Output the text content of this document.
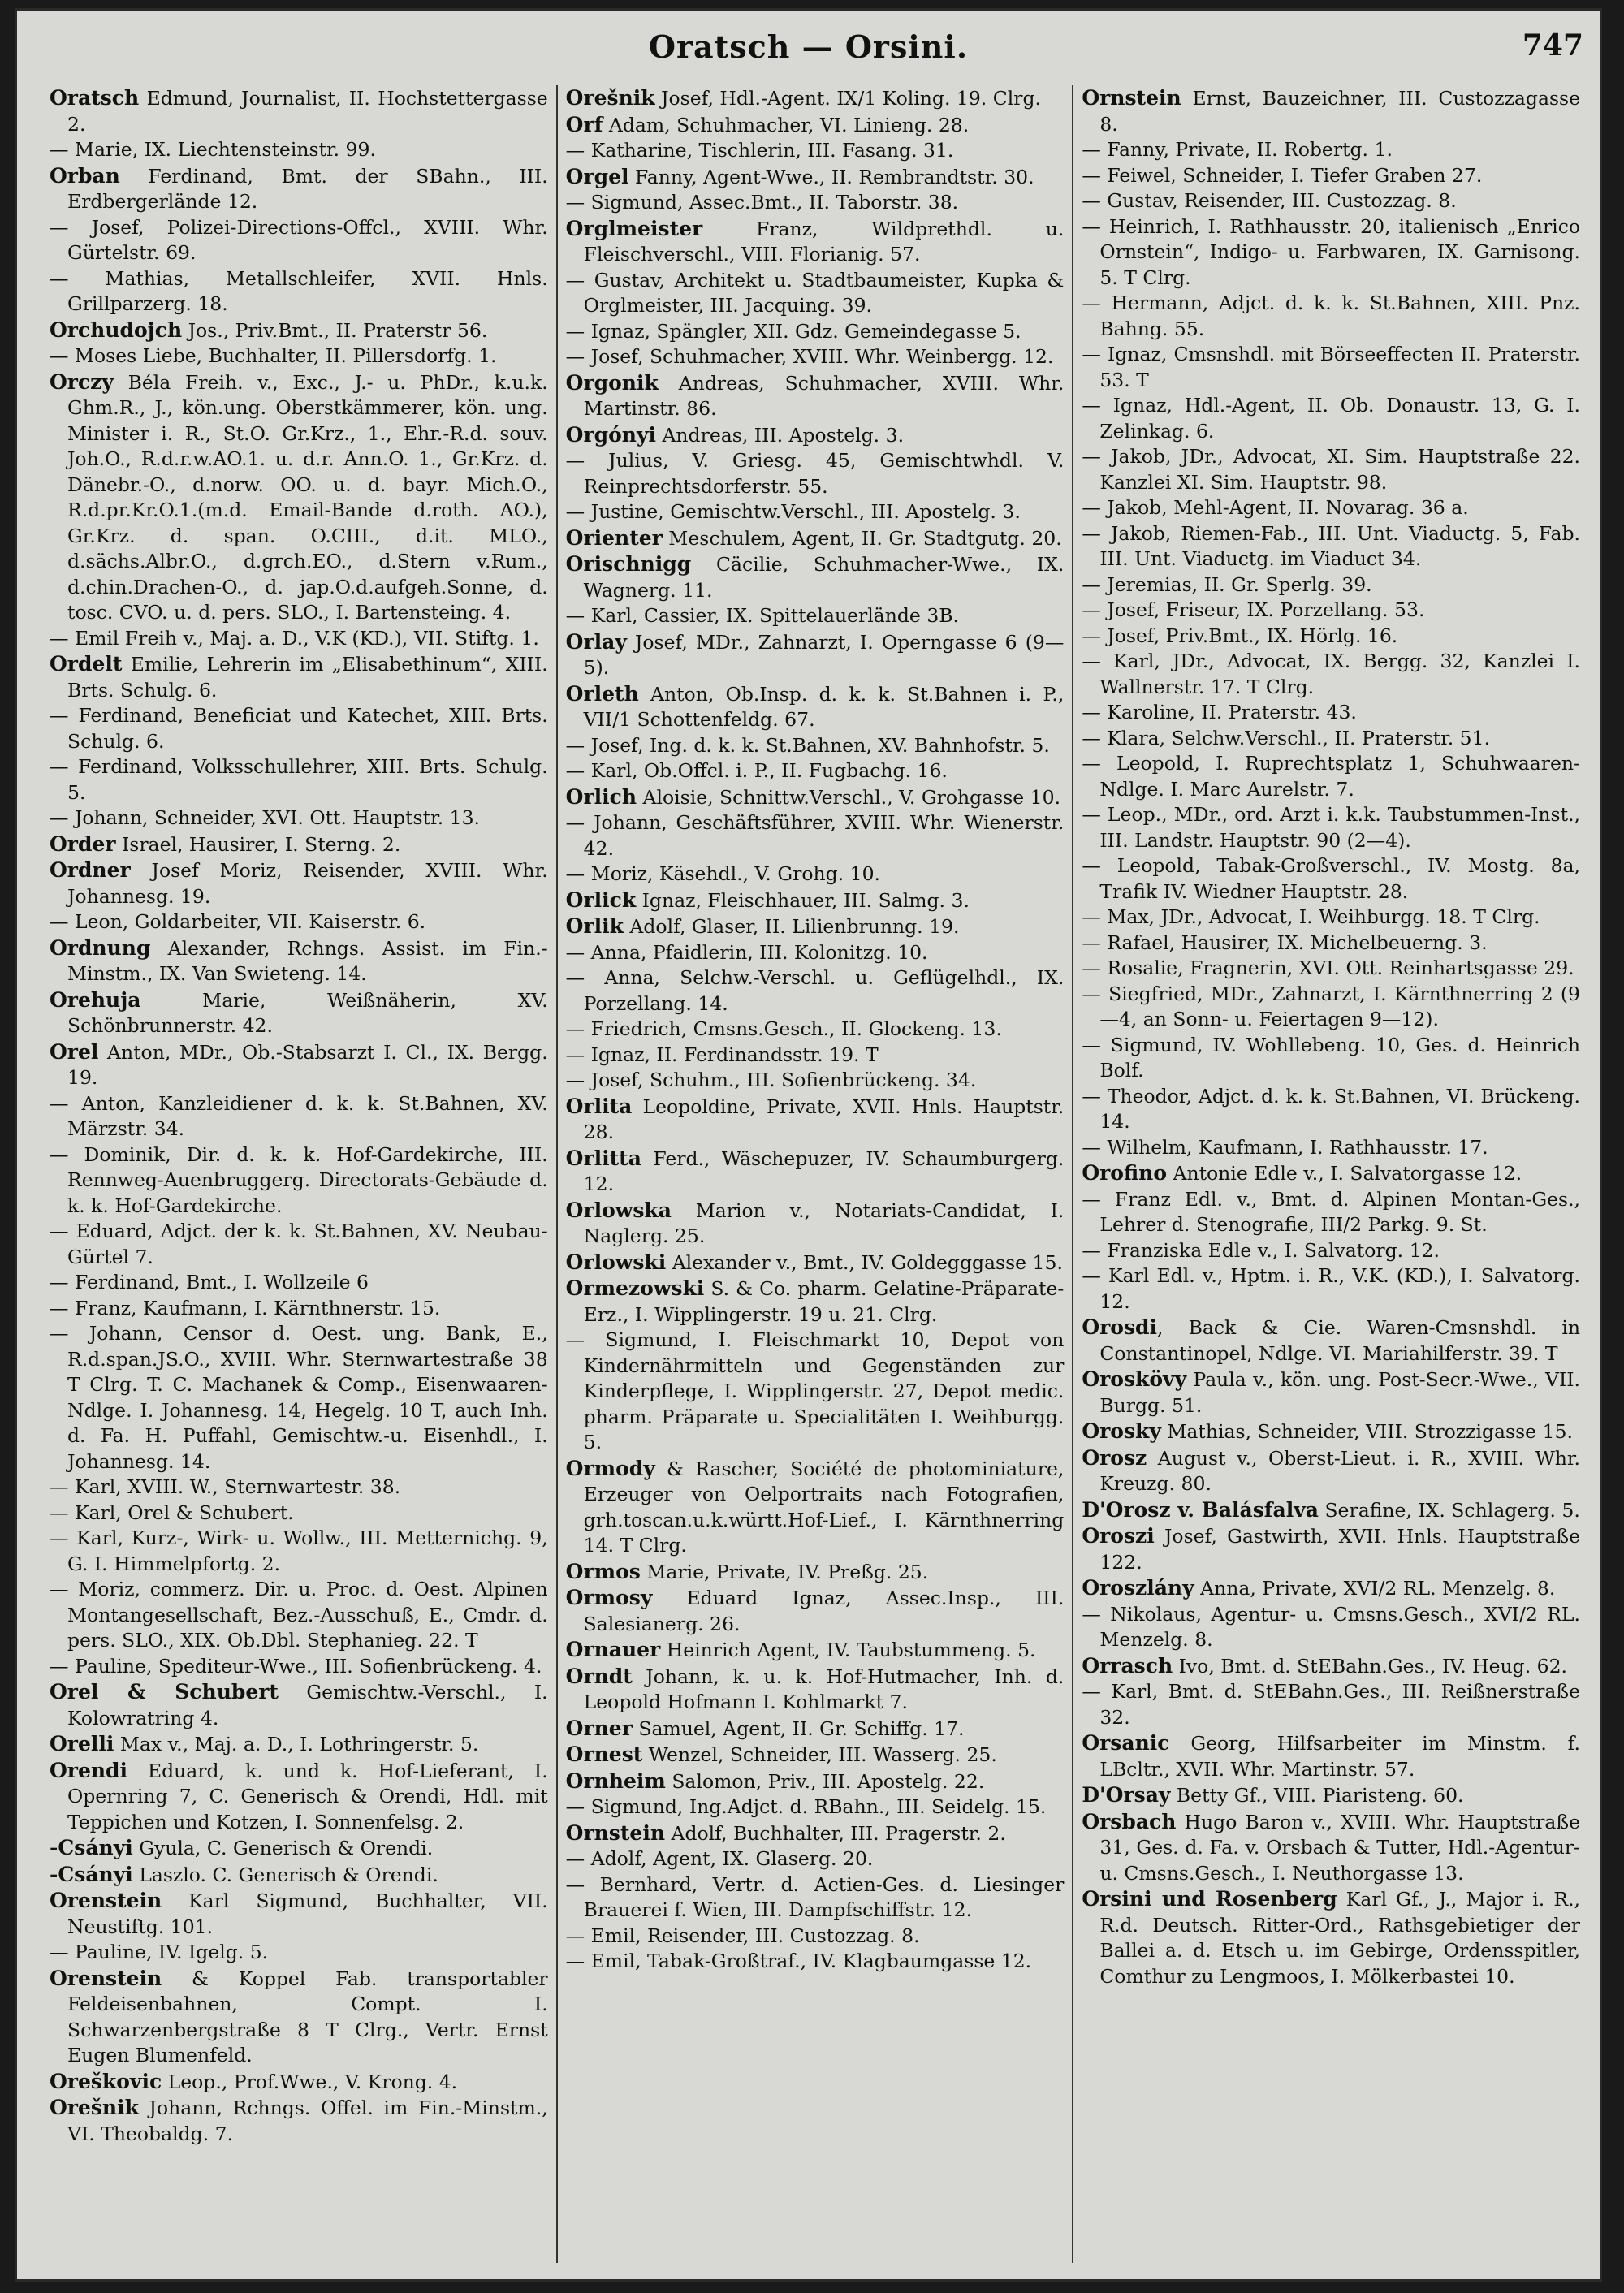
Oratsch — Orsini.	747

Oratsch Edmund, Journalist, II. Hochstettergasse 2.

— Marie, IX. Liechtensteinstr. 99.

Orban Ferdinand, Bmt. der SBahn., III. Erdbergerlände 12.

— Josef, Polizei-Directions-Offcl., XVIII. Whr. Gürtelstr. 69.

— Mathias, Metallschleifer, XVII. Hnls. Grillparzerg. 18.

Orchudojch Jos., Priv.Bmt., II. Praterstr 56.

— Moses Liebe, Buchhalter, II. Pillersdorfg. 1.

Orczy Béla Freih. v., Exc., J.- u. PhDr., k.u.k. Ghm.R., J., kön.ung. Oberstkämmerer, kön. ung. Minister i. R., St.O. Gr.Krz., 1., Ehr.-R.d. souv. Joh.O., R.d.r.w.AO.1. u. d.r. Ann.O. 1., Gr.Krz. d. Dänebr.-O., d.norw. OO. u. d. bayr. Mich.O., R.d.pr.Kr.O.1.(m.d. Email-Bande d.roth. AO.), Gr.Krz. d. span. O.CIII., d.it. MLO., d.sächs.Albr.O., d.grch.EO., d.Stern v.Rum., d.chin.Drachen-O., d. jap.O.d.aufgeh.Sonne, d. tosc. CVO. u. d. pers. SLO., I. Bartensteing. 4.

— Emil Freih v., Maj. a. D., V.K (KD.), VII. Stiftg. 1.

Ordelt Emilie, Lehrerin im „Elisabethinum“, XIII. Brts. Schulg. 6.

— Ferdinand, Beneficiat und Katechet, XIII. Brts. Schulg. 6.

— Ferdinand, Volksschullehrer, XIII. Brts. Schulg. 5.

— Johann, Schneider, XVI. Ott. Hauptstr. 13.

Order Israel, Hausirer, I. Sterng. 2.

Ordner Josef Moriz, Reisender, XVIII. Whr. Johannesg. 19.

— Leon, Goldarbeiter, VII. Kaiserstr. 6.

Ordnung Alexander, Rchngs. Assist. im Fin.-Minstm., IX. Van Swietenɡ. 14.

Orehuja Marie, Weißnäherin, XV. Schönbrunnerstr. 42.

Orel Anton, MDr., Ob.-Stabsarzt I. Cl., IX. Bergg. 19.

— Anton, Kanzleidiener d. k. k. St.Bahnen, XV. Märzstr. 34.

— Dominik, Dir. d. k. k. Hof-Gardekirche, III. Rennweg-Auenbruggerg. Directorats-Gebäude d. k. k. Hof-Gardekirche.

— Eduard, Adjct. der k. k. St.Bahnen, XV. Neubau-Gürtel 7.

— Ferdinand, Bmt., I. Wollzeile 6

— Franz, Kaufmann, I. Kärnthnerstr. 15.

— Johann, Censor d. Oest. ung. Bank, E., R.d.span.JS.O., XVIII. Whr. Sternwartestraße 38 T Clrg. T. C. Machanek & Comp., Eisenwaaren-Ndlge. I. Johannesg. 14, Hegelg. 10 T, auch Inh. d. Fa. H. Puffahl, Gemischtw.-u. Eisenhdl., I. Johannesg. 14.

— Karl, XVIII. W., Sternwartestr. 38.

— Karl, Orel & Schubert.

— Karl, Kurz-, Wirk- u. Wollw., III. Metternichg. 9, G. I. Himmelpfortg. 2.

— Moriz, commerz. Dir. u. Proc. d. Oest. Alpinen Montangesellschaft, Bez.-Ausschuß, E., Cmdr. d. pers. SLO., XIX. Ob.Dbl. Stephanieg. 22. T

— Pauline, Spediteur-Wwe., III. Sofienbrückeng. 4.

Orel & Schubert Gemischtw.-Verschl., I. Kolowratring 4.

Orelli Max v., Maj. a. D., I. Lothringerstr. 5.

Orendi Eduard, k. und k. Hof-Lieferant, I. Opernring 7, C. Generisch & Orendi, Hdl. mit Teppichen und Kotzen, I. Sonnenfelsg. 2.

-Csányi Gyula, C. Generisch & Orendi.

-Csányi Laszlo. C. Generisch & Orendi.

Orenstein Karl Sigmund, Buchhalter, VII. Neustiftg. 101.

— Pauline, IV. Igelg. 5.

Orenstein & Koppel Fab. transportabler Feldeisenbahnen, Compt. I. Schwarzenbergstraße 8 T Clrg., Vertr. Ernst Eugen Blumenfeld.

Oreškovic Leop., Prof.Wwe., V. Krong. 4.

Orešnik Johann, Rchngs. Offel. im Fin.-Minstm., VI. Theobaldg. 7.

Orešnik Josef, Hdl.-Agent. IX/1 Koling. 19. Clrg.

Orf Adam, Schuhmacher, VI. Linieng. 28.

— Katharine, Tischlerin, III. Fasang. 31.

Orgel Fanny, Agent-Wwe., II. Rembrandtstr. 30.

— Sigmund, Assec.Bmt., II. Taborstr. 38.

Orglmeister Franz, Wildprethdl. u. Fleischverschl., VIII. Florianig. 57.

— Gustav, Architekt u. Stadtbaumeister, Kupka & Orglmeister, III. Jacquing. 39.

— Ignaz, Spängler, XII. Gdz. Gemeindegasse 5.

— Josef, Schuhmacher, XVIII. Whr. Weinbergg. 12.

Orgonik Andreas, Schuhmacher, XVIII. Whr. Martinstr. 86.

Orgónyi Andreas, III. Apostelg. 3.

— Julius, V. Griesg. 45, Gemischtwhdl. V. Reinprechtsdorferstr. 55.

— Justine, Gemischtw.Verschl., III. Apostelg. 3.

Orienter Meschulem, Agent, II. Gr. Stadtgutg. 20.

Orischnigg Cäcilie, Schuhmacher-Wwe., IX. Wagnerg. 11.

— Karl, Cassier, IX. Spittelauerlände 3B.

Orlay Josef, MDr., Zahnarzt, I. Operngasse 6 (9—5).

Orleth Anton, Ob.Insp. d. k. k. St.Bahnen i. P., VII/1 Schottenfeldg. 67.

— Josef, Ing. d. k. k. St.Bahnen, XV. Bahnhofstr. 5.

— Karl, Ob.Offcl. i. P., II. Fugbachg. 16.

Orlich Aloisie, Schnittw.Verschl., V. Grohgasse 10.

— Johann, Geschäftsführer, XVIII. Whr. Wienerstr. 42.

— Moriz, Käsehdl., V. Grohg. 10.

Orlick Ignaz, Fleischhauer, III. Salmg. 3.

Orlik Adolf, Glaser, II. Lilienbrunng. 19.

— Anna, Pfaidlerin, III. Kolonitzg. 10.

— Anna, Selchw.-Verschl. u. Geflügelhdl., IX. Porzellang. 14.

— Friedrich, Cmsns.Gesch., II. Glockeng. 13.

— Ignaz, II. Ferdinandsstr. 19. T

— Josef, Schuhm., III. Sofienbrückeng. 34.

Orlita Leopoldine, Private, XVII. Hnls. Hauptstr. 28.

Orlitta Ferd., Wäschepuzer, IV. Schaumburgerg. 12.

Orlowska Marion v., Notariats-Candidat, I. Naglerg. 25.

Orlowski Alexander v., Bmt., IV. Goldegggasse 15.

Ormezowski S. & Co. pharm. Gelatine-Präparate-Erz., I. Wipplingerstr. 19 u. 21. Clrg.

— Sigmund, I. Fleischmarkt 10, Depot von Kindernährmitteln und Gegenständen zur Kinderpflege, I. Wipplingerstr. 27, Depot medic. pharm. Präparate u. Specialitäten I. Weihburgg. 5.

Ormody & Rascher, Société de photominiature, Erzeuger von Oelportraits nach Fotografien, grh.toscan.u.k.württ.Hof-Lief., I. Kärnthnerring 14. T Clrg.

Ormos Marie, Private, IV. Preßg. 25.

Ormosy Eduard Ignaz, Assec.Insp., III. Salesianerg. 26.

Ornauer Heinrich Agent, IV. Taubstummeng. 5.

Orndt Johann, k. u. k. Hof-Hutmacher, Inh. d. Leopold Hofmann I. Kohlmarkt 7.

Orner Samuel, Agent, II. Gr. Schiffg. 17.

Ornest Wenzel, Schneider, III. Wasserg. 25.

Ornheim Salomon, Priv., III. Apostelg. 22.

— Sigmund, Ing.Adjct. d. RBahn., III. Seidelg. 15.

Ornstein Adolf, Buchhalter, III. Pragerstr. 2.

— Adolf, Agent, IX. Glaserg. 20.

— Bernhard, Vertr. d. Actien-Ges. d. Liesinger Brauerei f. Wien, III. Dampfschiffstr. 12.

— Emil, Reisender, III. Custozzag. 8.

— Emil, Tabak-Großtraf., IV. Klagbaumgasse 12.

Ornstein Ernst, Bauzeichner, III. Custozzagasse 8.

— Fanny, Private, II. Robertg. 1.

— Feiwel, Schneider, I. Tiefer Graben 27.

— Gustav, Reisender, III. Custozzag. 8.

— Heinrich, I. Rathhausstr. 20, italienisch „Enrico Ornstein“, Indigo- u. Farbwaren, IX. Garnisong. 5. T Clrg.

— Hermann, Adjct. d. k. k. St.Bahnen, XIII. Pnz. Bahng. 55.

— Ignaz, Cmsnshdl. mit Börseeffecten II. Praterstr. 53. T

— Ignaz, Hdl.-Agent, II. Ob. Donaustr. 13, G. I. Zelinkag. 6.

— Jakob, JDr., Advocat, XI. Sim. Hauptstraße 22. Kanzlei XI. Sim. Hauptstr. 98.

— Jakob, Mehl-Agent, II. Novarag. 36 a.

— Jakob, Riemen-Fab., III. Unt. Viaductg. 5, Fab. III. Unt. Viaductg. im Viaduct 34.

— Jeremias, II. Gr. Sperlg. 39.

— Josef, Friseur, IX. Porzellang. 53.

— Josef, Priv.Bmt., IX. Hörlg. 16.

— Karl, JDr., Advocat, IX. Bergg. 32, Kanzlei I. Wallnerstr. 17. T Clrg.

— Karoline, II. Praterstr. 43.

— Klara, Selchw.Verschl., II. Praterstr. 51.

— Leopold, I. Ruprechtsplatz 1, Schuhwaaren-Ndlge. I. Marc Aurelstr. 7.

— Leop., MDr., ord. Arzt i. k.k. Taubstummen-Inst., III. Landstr. Hauptstr. 90 (2—4).

— Leopold, Tabak-Großverschl., IV. Mostg. 8a, Trafik IV. Wiedner Hauptstr. 28.

— Max, JDr., Advocat, I. Weihburgg. 18. T Clrg.

— Rafael, Hausirer, IX. Michelbeuerng. 3.

— Rosalie, Fragnerin, XVI. Ott. Reinhartsgasse 29.

— Siegfried, MDr., Zahnarzt, I. Kärnthnerring 2 (9—4, an Sonn- u. Feiertagen 9—12).

— Sigmund, IV. Wohllebeng. 10, Ges. d. Heinrich Bolf.

— Theodor, Adjct. d. k. k. St.Bahnen, VI. Brückeng. 14.

— Wilhelm, Kaufmann, I. Rathhausstr. 17.

Orofino Antonie Edle v., I. Salvatorgasse 12.

— Franz Edl. v., Bmt. d. Alpinen Montan-Ges., Lehrer d. Stenografie, III/2 Parkg. 9. St.

— Franziska Edle v., I. Salvatorg. 12.

— Karl Edl. v., Hptm. i. R., V.K. (KD.), I. Salvatorg. 12.

Orosdi, Back & Cie. Waren-Cmsnshdl. in Constantinopel, Ndlge. VI. Mariahilferstr. 39. T

Oroskövy Paula v., kön. ung. Post-Secr.-Wwe., VII. Burgg. 51.

Orosky Mathias, Schneider, VIII. Strozzigasse 15.

Orosz August v., Oberst-Lieut. i. R., XVIII. Whr. Kreuzg. 80.

D'Orosz v. Balásfalva Serafine, IX. Schlagerg. 5.

Oroszi Josef, Gastwirth, XVII. Hnls. Hauptstraße 122.

Oroszlány Anna, Private, XVI/2 RL. Menzelg. 8.

— Nikolaus, Agentur- u. Cmsns.Gesch., XVI/2 RL. Menzelg. 8.

Orrasch Ivo, Bmt. d. StEBahn.Ges., IV. Heug. 62.

— Karl, Bmt. d. StEBahn.Ges., III. Reißnerstraße 32.

Orsanic Georg, Hilfsarbeiter im Minstm. f. LBcltr., XVII. Whr. Martinstr. 57.

D'Orsay Betty Gf., VIII. Piaristeng. 60.

Orsbach Hugo Baron v., XVIII. Whr. Hauptstraße 31, Ges. d. Fa. v. Orsbach & Tutter, Hdl.-Agentur- u. Cmsns.Gesch., I. Neuthorgasse 13.

Orsini und Rosenberg Karl Gf., J., Major i. R., R.d. Deutsch. Ritter-Ord., Rathsgebietiger der Ballei a. d. Etsch u. im Gebirge, Ordensspitler, Comthur zu Lengmoos, I. Mölkerbastei 10.
